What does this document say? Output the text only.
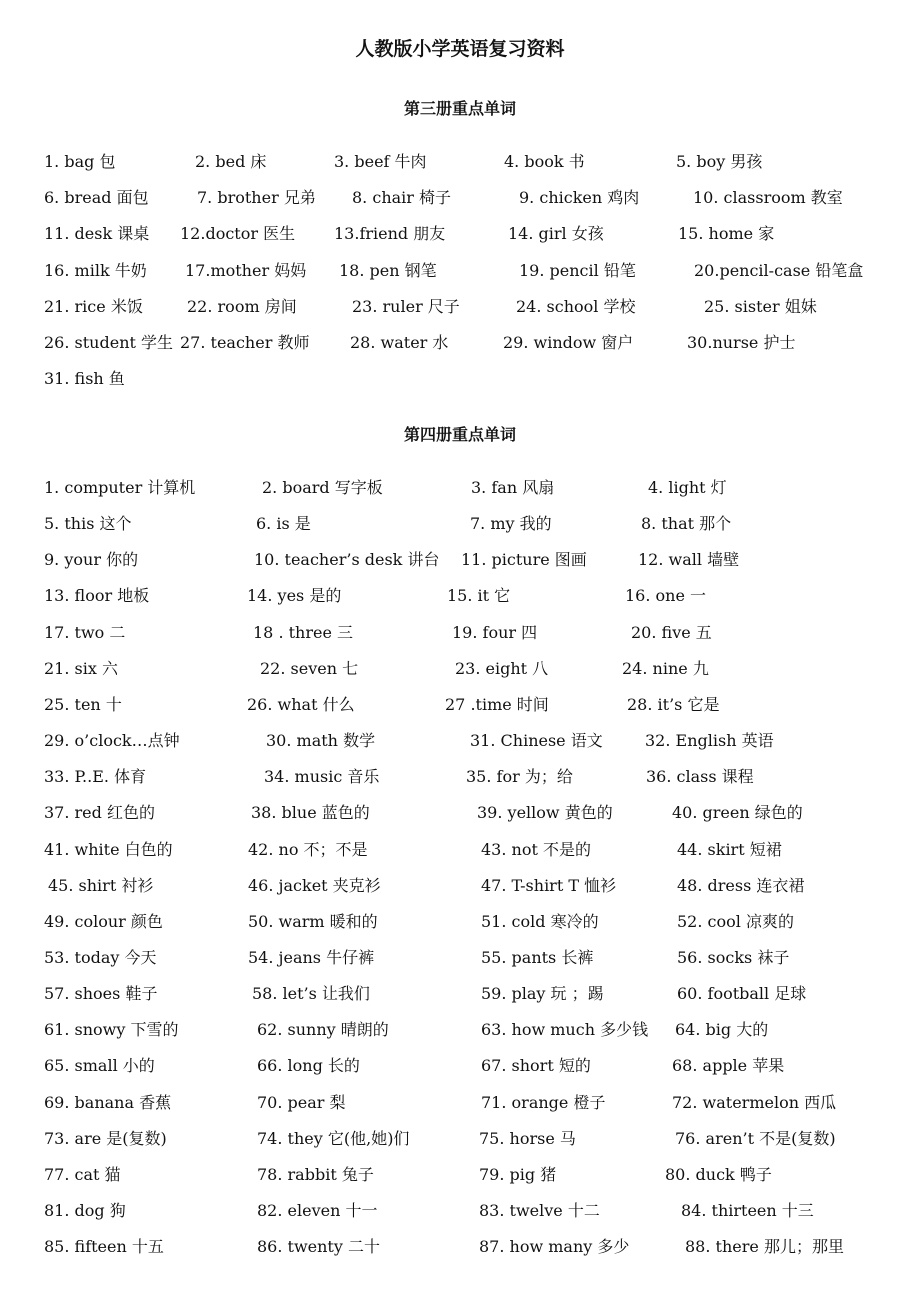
人教版小学英语复习资料
第三册重点单词
第四册重点单词
1. bag 包	2. bed 床	3. beef 牛肉	4. book 书	5. boy 男孩
6. bread 面包	7. brother 兄弟 8. chair 椅子	9. chicken 鸡肉	10. classroom 教室
11. desk 课桌 12.doctor 医生 13.friend 朋友	14. girl 女孩	15. home 家
16. milk 牛奶 17.mother 妈妈 18. pen 钢笔	19. pencil 铅笔	20.pencil-case 铅笔盒
21. rice 米饭	22. room 房间	23. ruler 尺子	24. school 学校	25. sister 姐妹
26. student 学生 27. teacher 教师	28. water 水	29. window 窗户	30.nurse 护士
31. fish 鱼
1. computer 计算机	2. board 写字板	3. fan 风扇	4. light 灯
5. this 这个	6. is 是	7. my 我的	8. that 那个
9. your 你的	10. teacher’s desk 讲台 11. picture 图画	12. wall 墙壁
13. floor 地板	14. yes 是的	15. it 它	16. one 一
17. two 二	18 . three 三	19. four 四	20. five 五
21. six 六	22. seven 七	23. eight 八	24. nine 九
25. ten 十	26. what 什么	27 .time 时间	28. it’s 它是
29. o’clock…点钟	30. math 数学	31. Chinese 语文	32. English 英语
33. P..E. 体育	34. music 音乐	35. for 为；给	36. class 课程
37. red 红色的	38. blue 蓝色的	39. yellow 黄色的	40. green 绿色的
41. white 白色的	42. no 不；不是	43. not 不是的	44. skirt 短裙
45. shirt 衬衫	46. jacket 夹克衫	47. T-shirt T 恤衫	48. dress 连衣裙
49. colour 颜色	50. warm 暖和的	51. cold 寒冷的	52. cool 凉爽的
53. today 今天	54. jeans 牛仔裤	55. pants 长裤	56. socks 袜子
57. shoes 鞋子	58. let’s 让我们	59. play 玩 ；踢	60. football 足球
61. snowy 下雪的	62. sunny 晴朗的	63. how much 多少钱 64. big 大的
65. small 小的	66. long 长的	67. short 短的	68. apple 苹果
69. banana 香蕉	70. pear 梨	71. orange 橙子	72. watermelon 西瓜
73. are 是(复数)	74. they 它(他,她)们	75. horse 马	76. aren’t 不是(复数)
77. cat 猫	78. rabbit 兔子	79. pig 猪	80. duck 鸭子
81. dog 狗	82. eleven 十一	83. twelve 十二	84. thirteen 十三
85. fifteen 十五	86. twenty 二十	87. how many 多少	88. there 那儿；那里
